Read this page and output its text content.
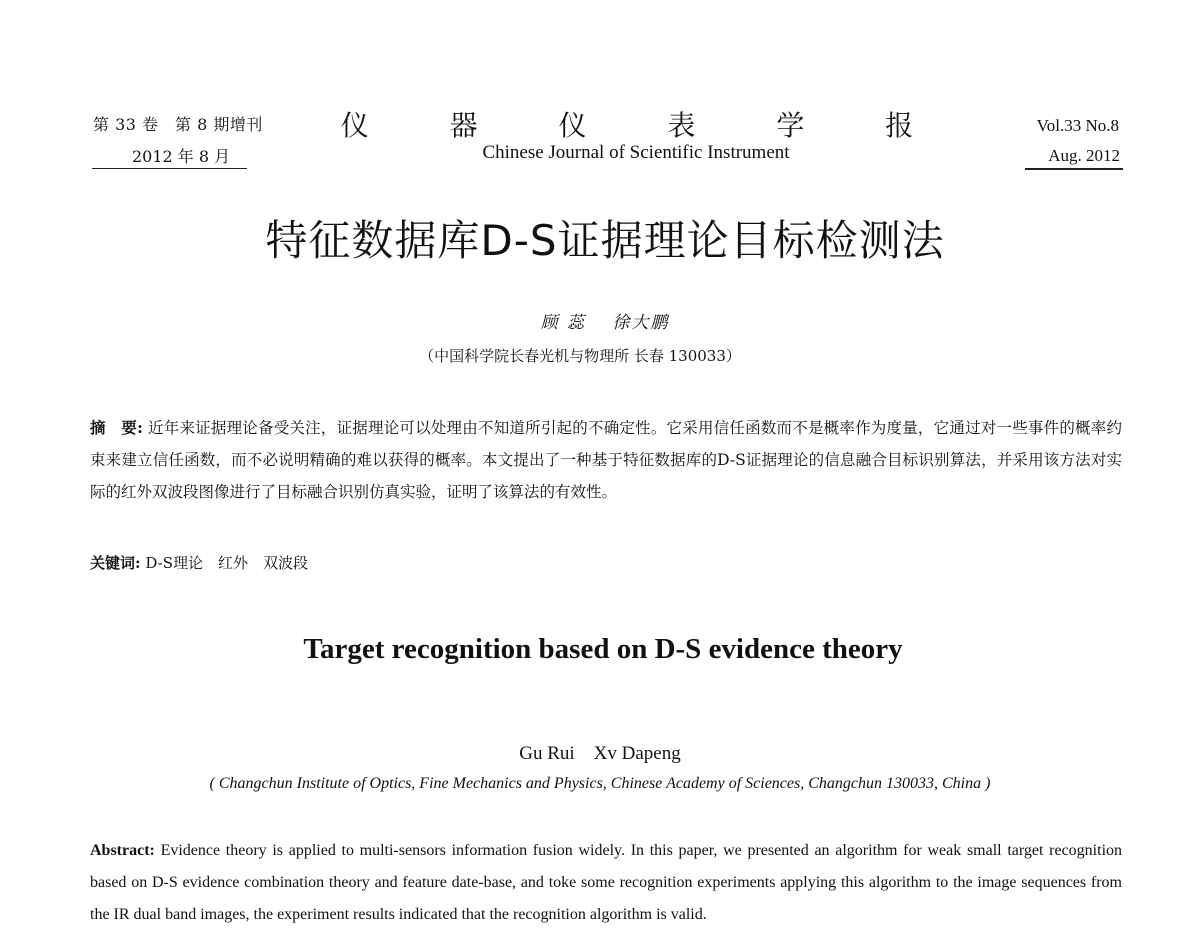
第 33 卷　第 8 期增刊
2012 年 8 月
仪 器 仪 表 学 报
Chinese Journal of Scientific Instrument
Vol.33 No.8
Aug. 2012
特征数据库D-S证据理论目标检测法
顾 蕊　 徐大鹏
（中国科学院长春光机与物理所 长春 130033）
摘　要: 近年来证据理论备受关注，证据理论可以处理由不知道所引起的不确定性。它采用信任函数而不是概率作为度量，它通过对一些事件的概率约束来建立信任函数，而不必说明精确的难以获得的概率。本文提出了一种基于特征数据库的D-S证据理论的信息融合目标识别算法，并采用该方法对实际的红外双波段图像进行了目标融合识别仿真实验，证明了该算法的有效性。
关键词: D-S理论　红外　双波段
Target recognition based on D-S evidence theory
Gu Rui　Xv Dapeng
( Changchun Institute of Optics, Fine Mechanics and Physics, Chinese Academy of Sciences, Changchun 130033, China )
Abstract: Evidence theory is applied to multi-sensors information fusion widely. In this paper, we presented an algorithm for weak small target recognition based on D-S evidence combination theory and feature date-base, and toke some recognition experiments applying this algorithm to the image sequences from the IR dual band images, the experiment results indicated that the recognition algorithm is valid.
